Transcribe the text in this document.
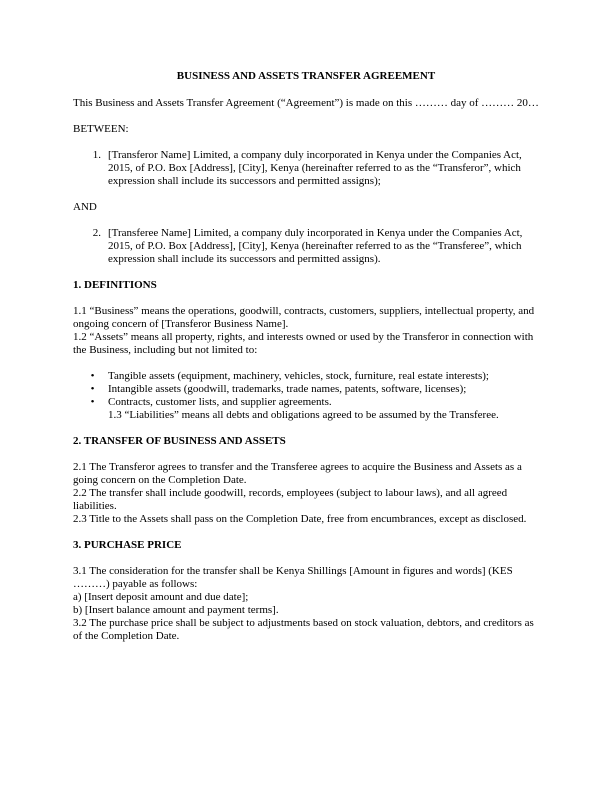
BUSINESS AND ASSETS TRANSFER AGREEMENT

This Business and Assets Transfer Agreement (“Agreement”) is made on this ……… day of ……… 20…

BETWEEN:

1. [Transferor Name] Limited, a company duly incorporated in Kenya under the Companies Act, 2015, of P.O. Box [Address], [City], Kenya (hereinafter referred to as the “Transferor”, which expression shall include its successors and permitted assigns);

AND

2. [Transferee Name] Limited, a company duly incorporated in Kenya under the Companies Act, 2015, of P.O. Box [Address], [City], Kenya (hereinafter referred to as the “Transferee”, which expression shall include its successors and permitted assigns).

1. DEFINITIONS

1.1 “Business” means the operations, goodwill, contracts, customers, suppliers, intellectual property, and ongoing concern of [Transferor Business Name].

1.2 “Assets” means all property, rights, and interests owned or used by the Transferor in connection with the Business, including but not limited to:

•	Tangible assets (equipment, machinery, vehicles, stock, furniture, real estate interests);
•	Intangible assets (goodwill, trademarks, trade names, patents, software, licenses);
•	Contracts, customer lists, and supplier agreements.
1.3 “Liabilities” means all debts and obligations agreed to be assumed by the Transferee.

2. TRANSFER OF BUSINESS AND ASSETS

2.1 The Transferor agrees to transfer and the Transferee agrees to acquire the Business and Assets as a going concern on the Completion Date.

2.2 The transfer shall include goodwill, records, employees (subject to labour laws), and all agreed liabilities.

2.3 Title to the Assets shall pass on the Completion Date, free from encumbrances, except as disclosed.

3. PURCHASE PRICE

3.1 The consideration for the transfer shall be Kenya Shillings [Amount in figures and words] (KES ………) payable as follows:

a) [Insert deposit amount and due date];

b) [Insert balance amount and payment terms].

3.2 The purchase price shall be subject to adjustments based on stock valuation, debtors, and creditors as of the Completion Date.
